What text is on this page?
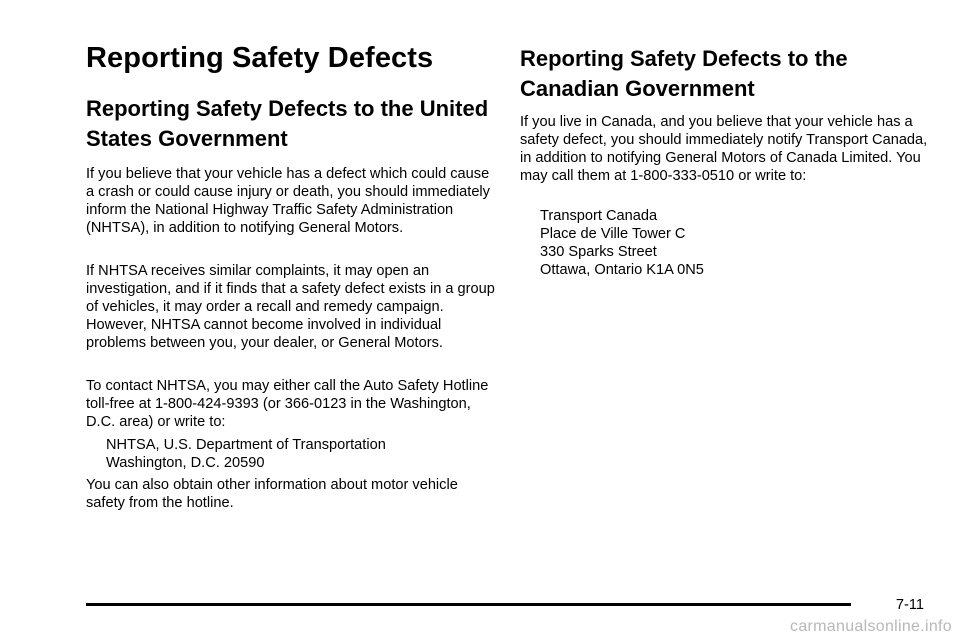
Reporting Safety Defects
Reporting Safety Defects to the United States Government

If you believe that your vehicle has a defect which could cause a crash or could cause injury or death, you should immediately inform the National Highway Traffic Safety Administration (NHTSA), in addition to notifying General Motors.

If NHTSA receives similar complaints, it may open an investigation, and if it finds that a safety defect exists in a group of vehicles, it may order a recall and remedy campaign. However, NHTSA cannot become involved in individual problems between you, your dealer, or General Motors.

To contact NHTSA, you may either call the Auto Safety Hotline toll-free at 1-800-424-9393 (or 366-0123 in the Washington, D.C. area) or write to:

NHTSA, U.S. Department of Transportation

Washington, D.C. 20590

You can also obtain other information about motor vehicle safety from the hotline.

Reporting Safety Defects to the Canadian Government

If you live in Canada, and you believe that your vehicle has a safety defect, you should immediately notify Transport Canada, in addition to notifying General Motors of Canada Limited. You may call them at 1-800-333-0510 or write to:

Transport Canada

Place de Ville Tower C

330 Sparks Street

Ottawa, Ontario K1A 0N5

7-11
carmanualsonline.info
